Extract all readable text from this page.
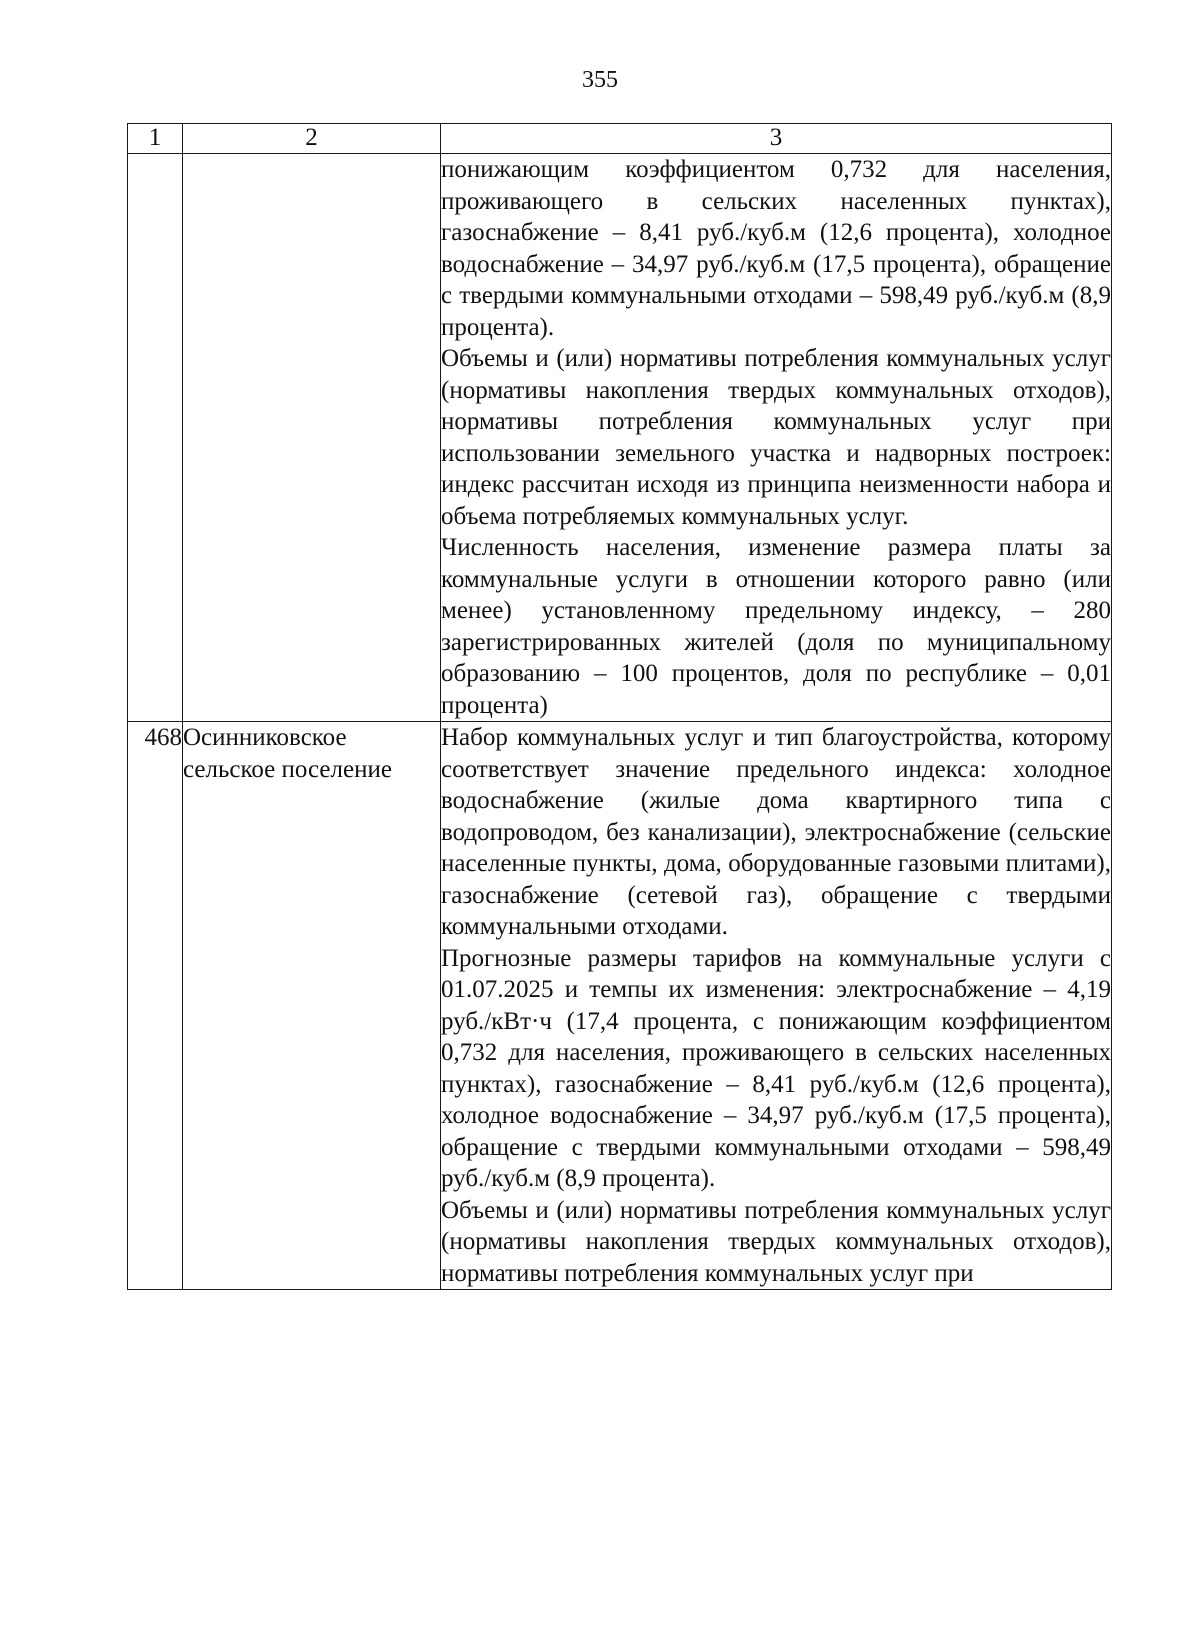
355
1	2	3

		понижающим коэффициентом 0,732 для населения, проживающего в сельских населенных пунктах), газоснабжение – 8,41 руб./куб.м (12,6 процента), холодное водоснабжение – 34,97 руб./куб.м (17,5 процента), обращение с твердыми коммунальными отходами – 598,49 руб./куб.м (8,9 процента).
Объемы и (или) нормативы потребления коммунальных услуг (нормативы накопления твердых коммунальных отходов), нормативы потребления коммунальных услуг при использовании земельного участка и надворных построек: индекс рассчитан исходя из принципа неизменности набора и объема потребляемых коммунальных услуг.
Численность населения, изменение размера платы за коммунальные услуги в отношении которого равно (или менее) установленному предельному индексу, – 280 зарегистрированных жителей (доля по муниципальному образованию – 100 процентов, доля по республике – 0,01 процента)

468	Осинниковское сельское поселение	Набор коммунальных услуг и тип благоустройства, которому соответствует значение предельного индекса: холодное водоснабжение (жилые дома квартирного типа с водопроводом, без канализации), электроснабжение (сельские населенные пункты, дома, оборудованные газовыми плитами), газоснабжение (сетевой газ), обращение с твердыми коммунальными отходами.
Прогнозные размеры тарифов на коммунальные услуги с 01.07.2025 и темпы их изменения: электроснабжение – 4,19 руб./кВт·ч (17,4 процента, с понижающим коэффициентом 0,732 для населения, проживающего в сельских населенных пунктах), газоснабжение – 8,41 руб./куб.м (12,6 процента), холодное водоснабжение – 34,97 руб./куб.м (17,5 процента), обращение с твердыми коммунальными отходами – 598,49 руб./куб.м (8,9 процента).
Объемы и (или) нормативы потребления коммунальных услуг (нормативы накопления твердых коммунальных отходов), нормативы потребления коммунальных услуг при
